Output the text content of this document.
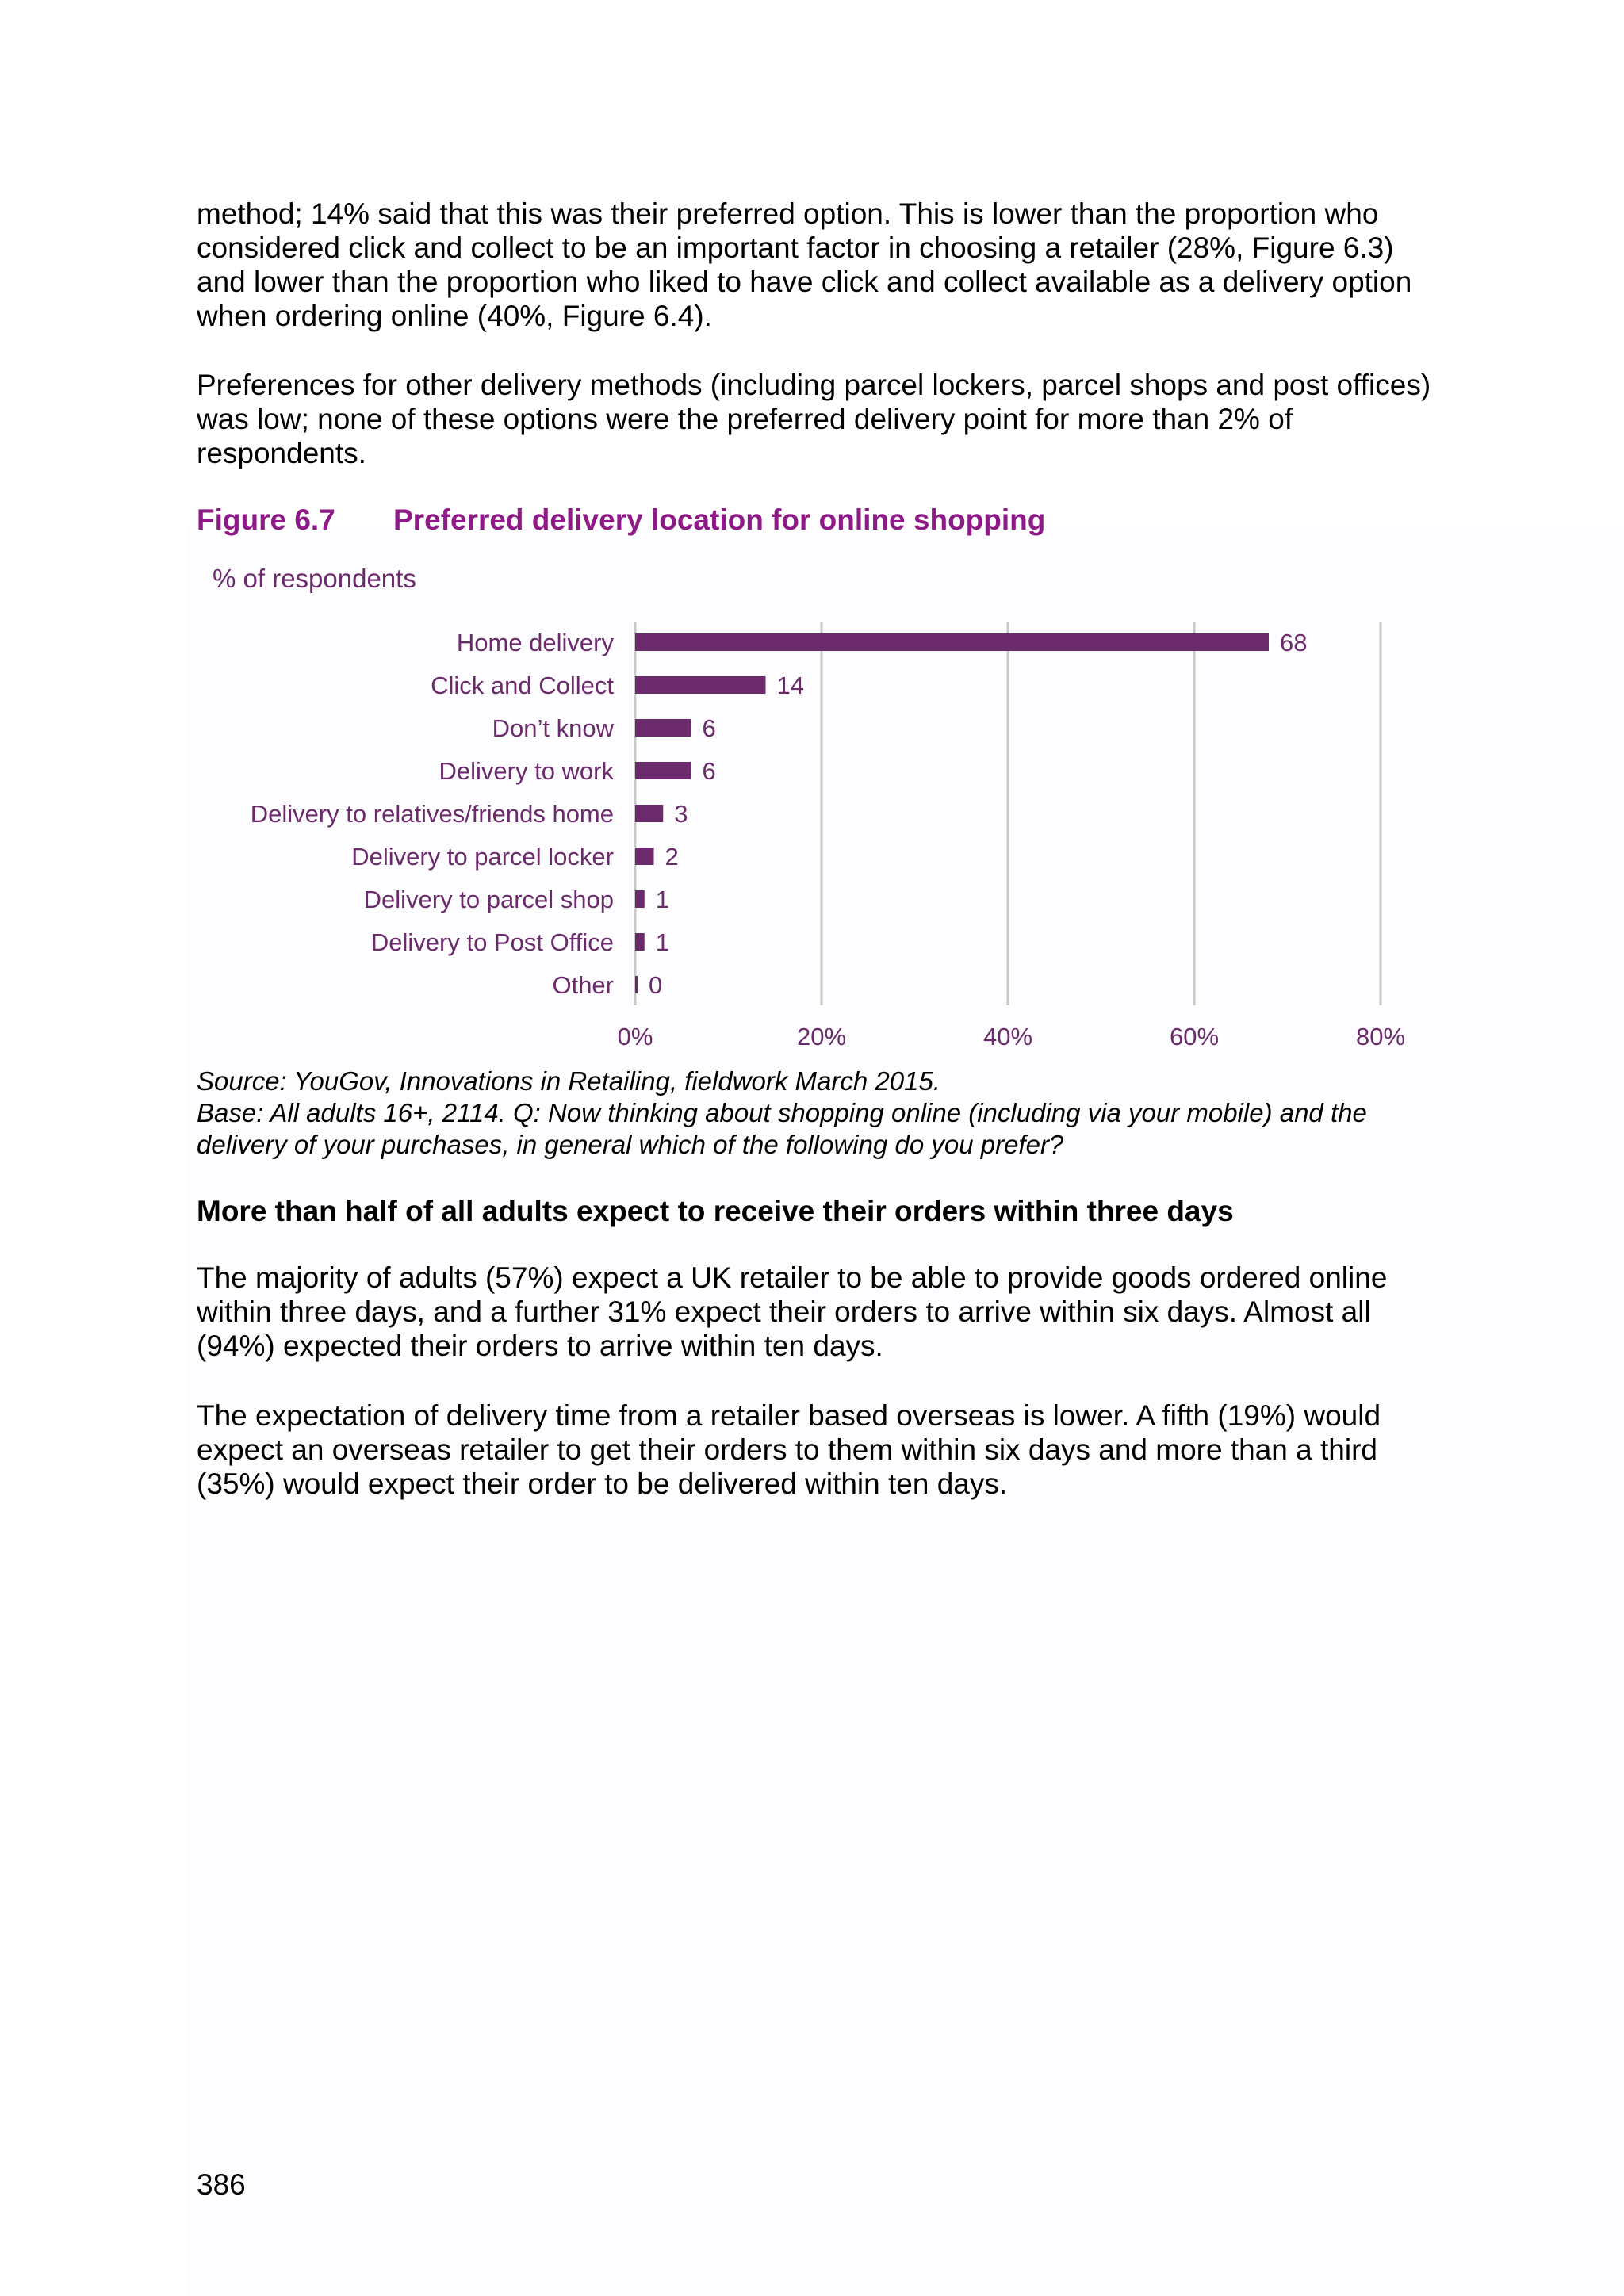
method; 14% said that this was their preferred option. This is lower than the proportion who considered click and collect to be an important factor in choosing a retailer (28%, Figure 6.3) and lower than the proportion who liked to have click and collect available as a delivery option when ordering online (40%, Figure 6.4).

Preferences for other delivery methods (including parcel lockers, parcel shops and post offices) was low; none of these options were the preferred delivery point for more than 2% of respondents.

Figure 6.7 Preferred delivery location for online shopping

% of respondents
0%	20%	40%	60%	80%
Home delivery	68
Click and Collect	14
Don’t know	6
Delivery to work	6
Delivery to relatives/friends home 3
Delivery to parcel locker 2
Delivery to parcel shop 1
Delivery to Post Office 1
Other 0

Source: YouGov, Innovations in Retailing, fieldwork March 2015.

Base: All adults 16+, 2114. Q: Now thinking about shopping online (including via your mobile) and the delivery of your purchases, in general which of the following do you prefer?

More than half of all adults expect to receive their orders within three days

The majority of adults (57%) expect a UK retailer to be able to provide goods ordered online within three days, and a further 31% expect their orders to arrive within six days. Almost all (94%) expected their orders to arrive within ten days.

The expectation of delivery time from a retailer based overseas is lower. A fifth (19%) would expect an overseas retailer to get their orders to them within six days and more than a third (35%) would expect their order to be delivered within ten days.

386
